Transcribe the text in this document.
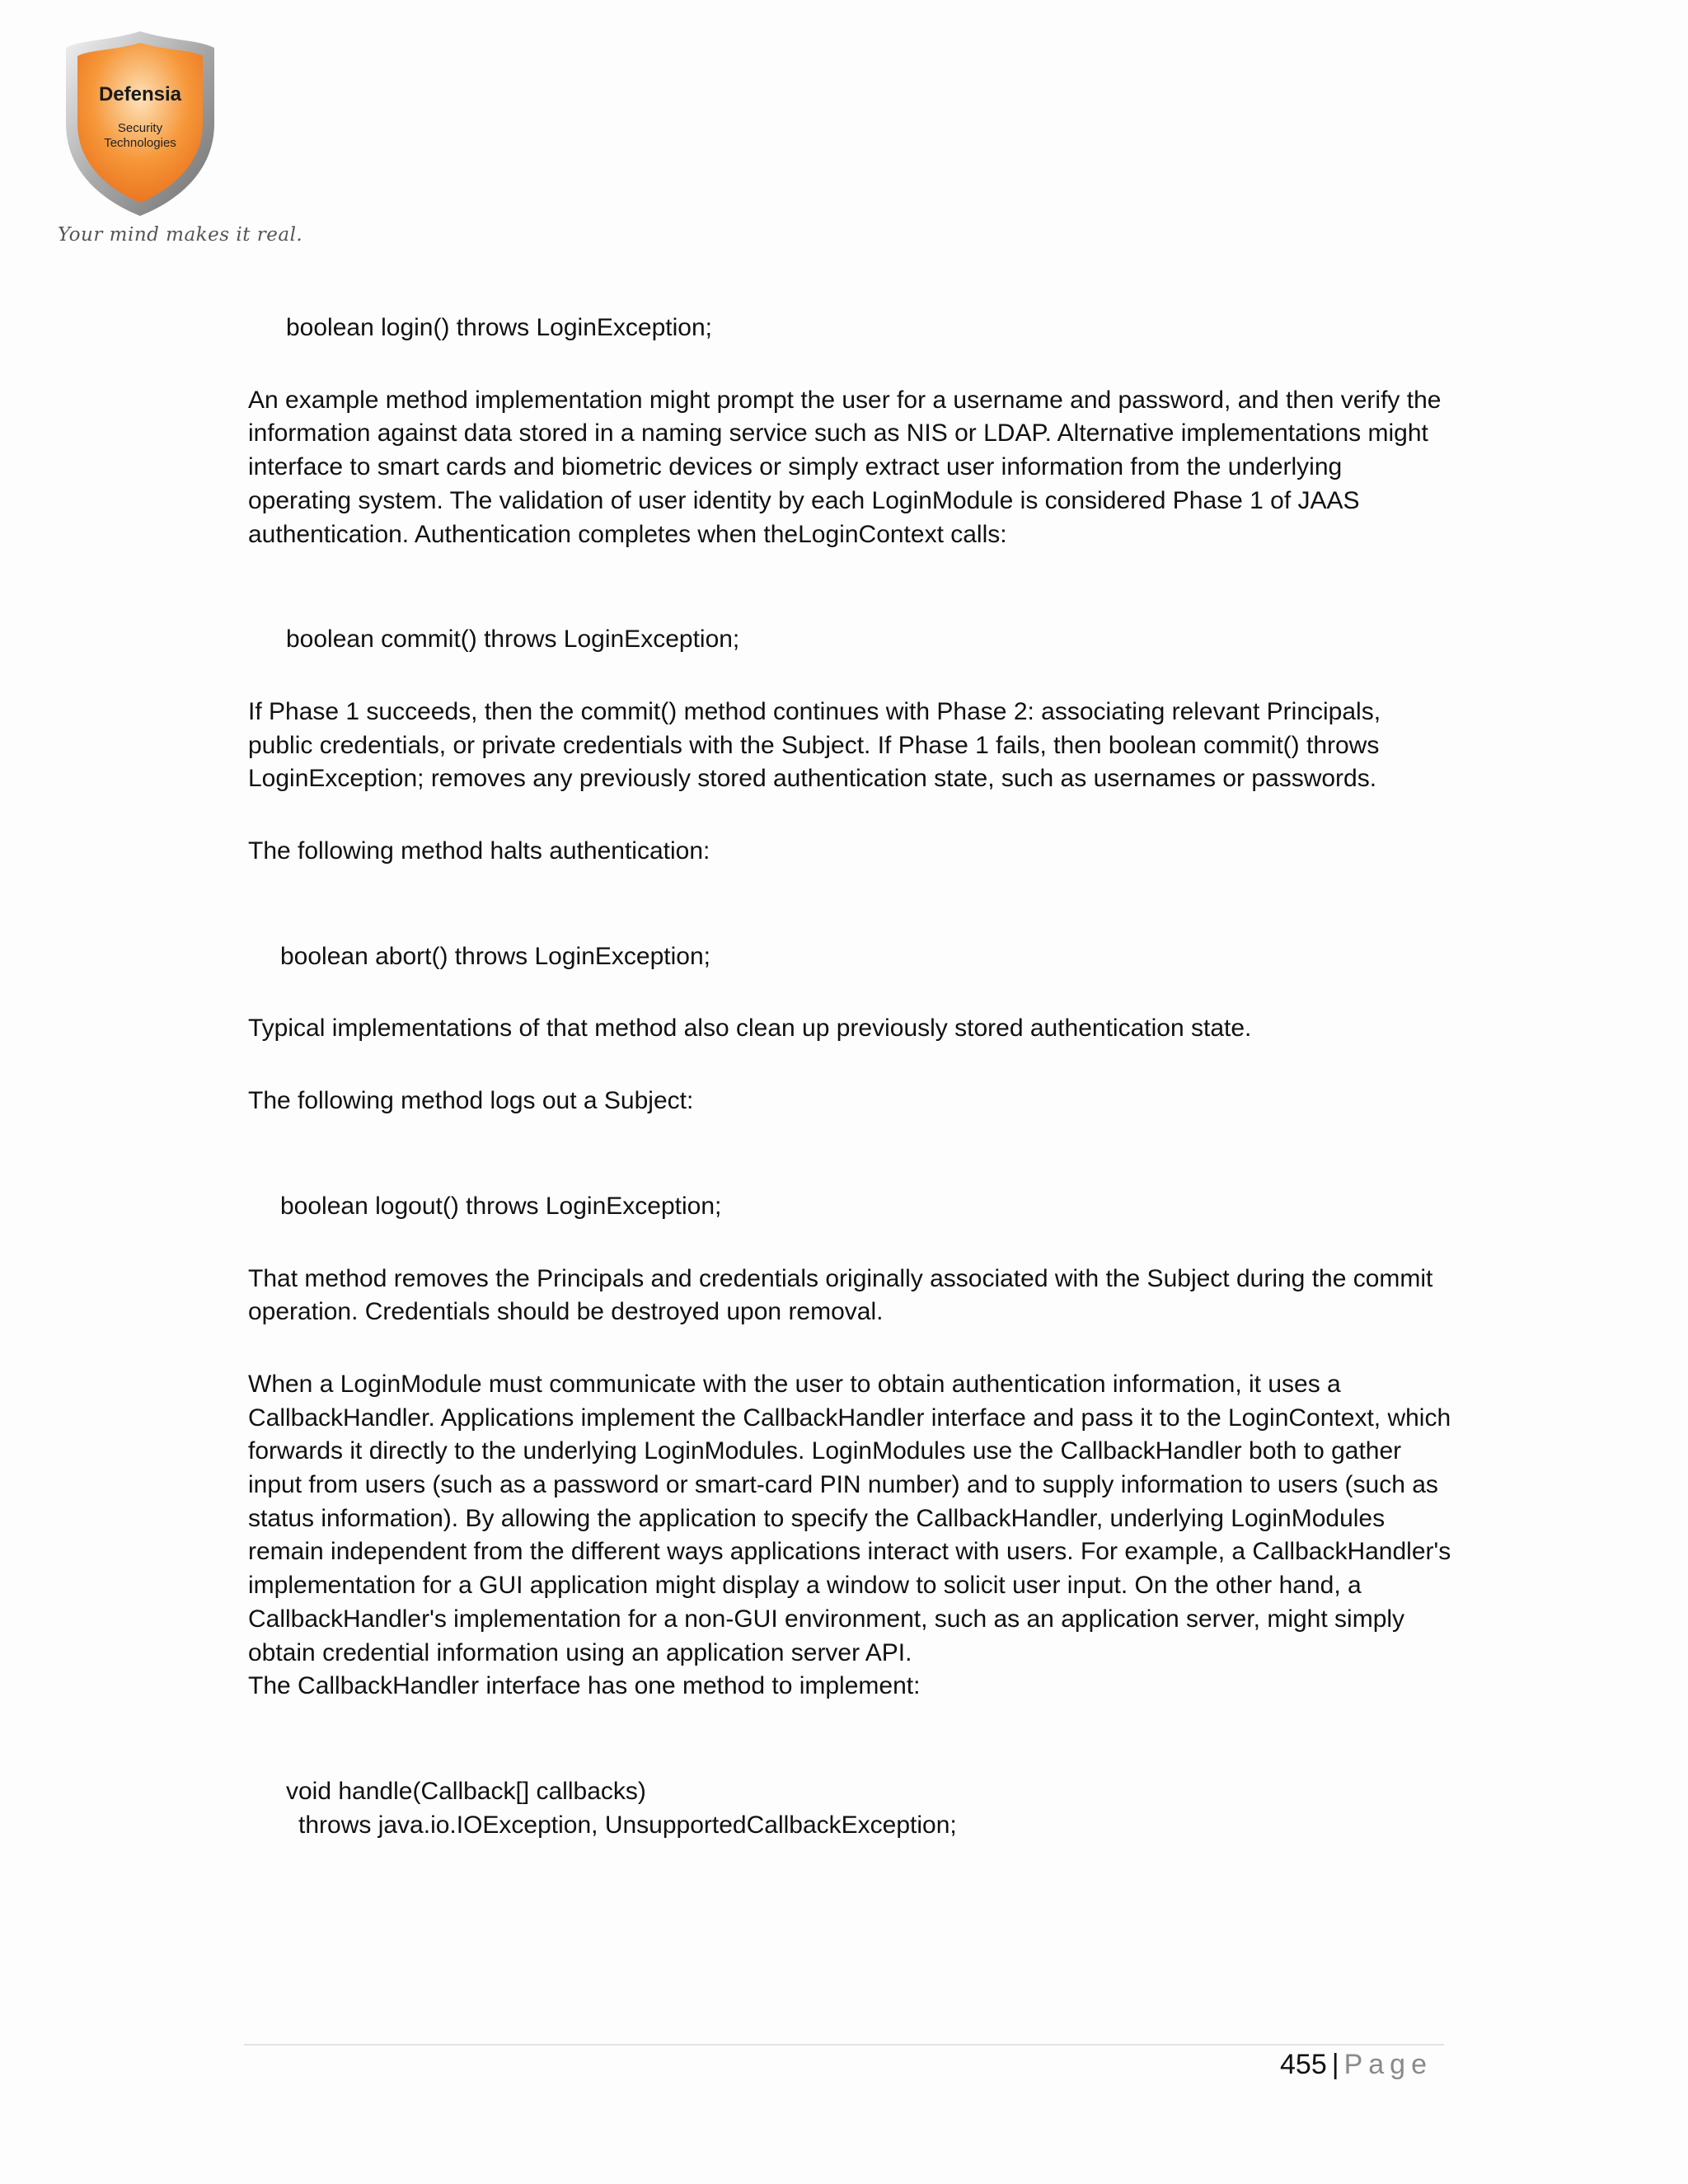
Defensia
Security
Technologies
Your mind makes it real.

boolean login() throws LoginException;

An example method implementation might prompt the user for a username and password, and then verify the information against data stored in a naming service such as NIS or LDAP. Alternative implementations might interface to smart cards and biometric devices or simply extract user information from the underlying operating system. The validation of user identity by each LoginModule is considered Phase 1 of JAAS authentication. Authentication completes when theLoginContext calls:

boolean commit() throws LoginException;

If Phase 1 succeeds, then the commit() method continues with Phase 2: associating relevant Principals, public credentials, or private credentials with the Subject. If Phase 1 fails, then boolean commit() throws LoginException; removes any previously stored authentication state, such as usernames or passwords.

The following method halts authentication:

boolean abort() throws LoginException;

Typical implementations of that method also clean up previously stored authentication state.

The following method logs out a Subject:

boolean logout() throws LoginException;

That method removes the Principals and credentials originally associated with the Subject during the commit operation. Credentials should be destroyed upon removal.

When a LoginModule must communicate with the user to obtain authentication information, it uses a CallbackHandler. Applications implement the CallbackHandler interface and pass it to the LoginContext, which forwards it directly to the underlying LoginModules. LoginModules use the CallbackHandler both to gather input from users (such as a password or smart-card PIN number) and to supply information to users (such as status information). By allowing the application to specify the CallbackHandler, underlying LoginModules remain independent from the different ways applications interact with users. For example, a CallbackHandler's implementation for a GUI application might display a window to solicit user input. On the other hand, a CallbackHandler's implementation for a non-GUI environment, such as an application server, might simply obtain credential information using an application server API.

The CallbackHandler interface has one method to implement:

void handle(Callback[] callbacks)

throws java.io.IOException, UnsupportedCallbackException;

455 | Page
